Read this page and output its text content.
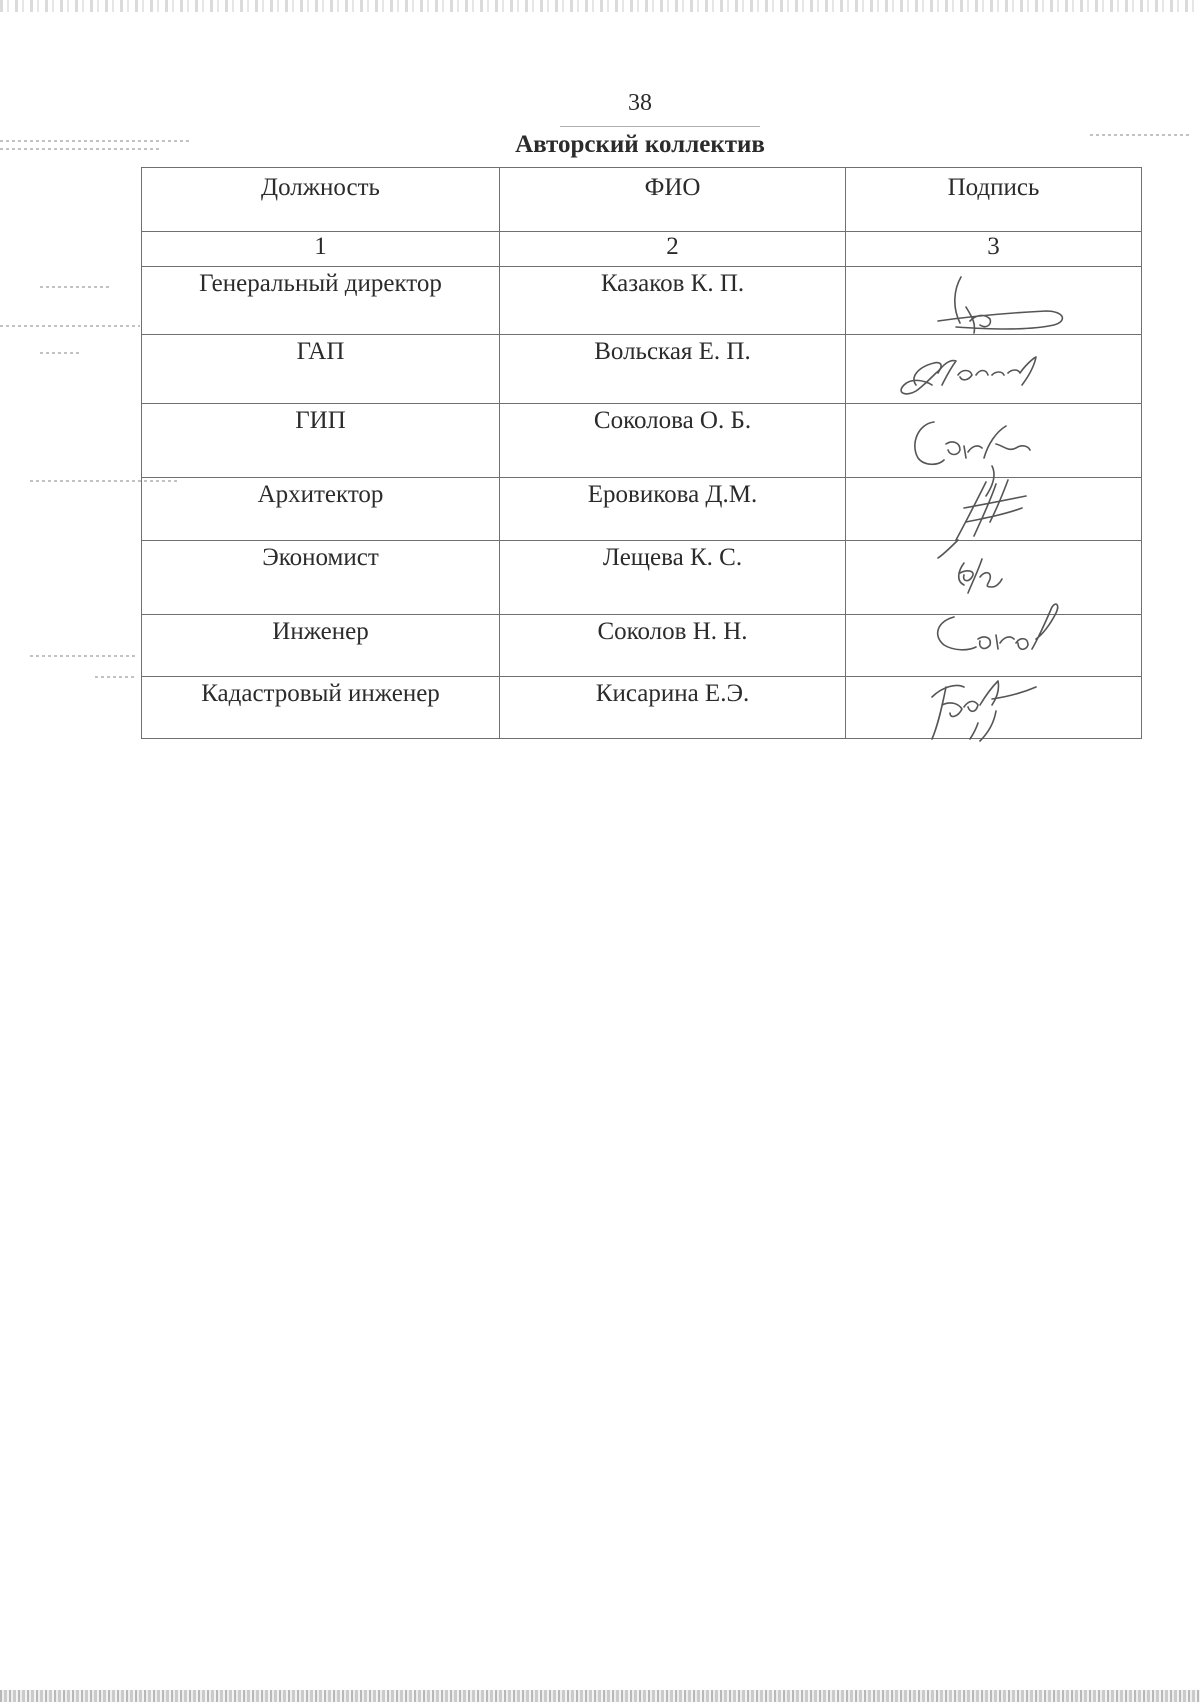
38
Авторский коллектив
Должность	ФИО	Подпись
1	2	3
Генеральный директор	Казаков К. П.	

ГАП	Вольская Е. П.	

ГИП	Соколова О. Б.	

Архитектор	Еровикова Д.М.	

Экономист	Лещева К. С.	

Инженер	Соколов Н. Н.	

Кадастровый инженер	Кисарина Е.Э.	
